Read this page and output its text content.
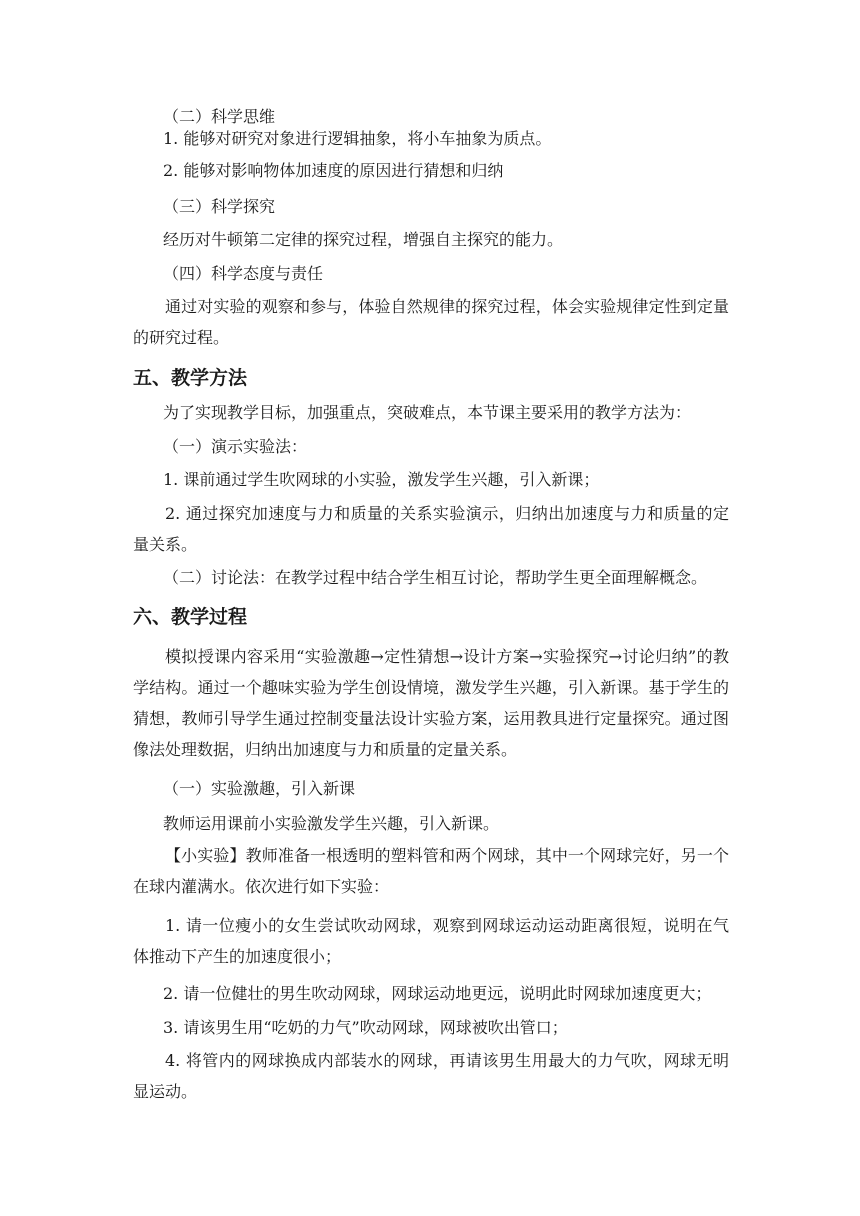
（二）科学思维
1. 能够对研究对象进行逻辑抽象，将小车抽象为质点。
2. 能够对影响物体加速度的原因进行猜想和归纳
（三）科学探究
经历对牛顿第二定律的探究过程，增强自主探究的能力。
（四）科学态度与责任
通过对实验的观察和参与，体验自然规律的探究过程，体会实验规律定性到定量的研究过程。
五、教学方法
为了实现教学目标，加强重点，突破难点，本节课主要采用的教学方法为：
（一）演示实验法：
1. 课前通过学生吹网球的小实验，激发学生兴趣，引入新课；
2. 通过探究加速度与力和质量的关系实验演示，归纳出加速度与力和质量的定量关系。
（二）讨论法：在教学过程中结合学生相互讨论，帮助学生更全面理解概念。
六、教学过程
模拟授课内容采用“实验激趣→定性猜想→设计方案→实验探究→讨论归纳”的教学结构。通过一个趣味实验为学生创设情境，激发学生兴趣，引入新课。基于学生的猜想，教师引导学生通过控制变量法设计实验方案，运用教具进行定量探究。通过图像法处理数据，归纳出加速度与力和质量的定量关系。
（一）实验激趣，引入新课
教师运用课前小实验激发学生兴趣，引入新课。
【小实验】教师准备一根透明的塑料管和两个网球，其中一个网球完好，另一个在球内灌满水。依次进行如下实验：
1. 请一位瘦小的女生尝试吹动网球，观察到网球运动运动距离很短，说明在气体推动下产生的加速度很小；
2. 请一位健壮的男生吹动网球，网球运动地更远，说明此时网球加速度更大；
3. 请该男生用“吃奶的力气”吹动网球，网球被吹出管口；
4. 将管内的网球换成内部装水的网球，再请该男生用最大的力气吹，网球无明显运动。
